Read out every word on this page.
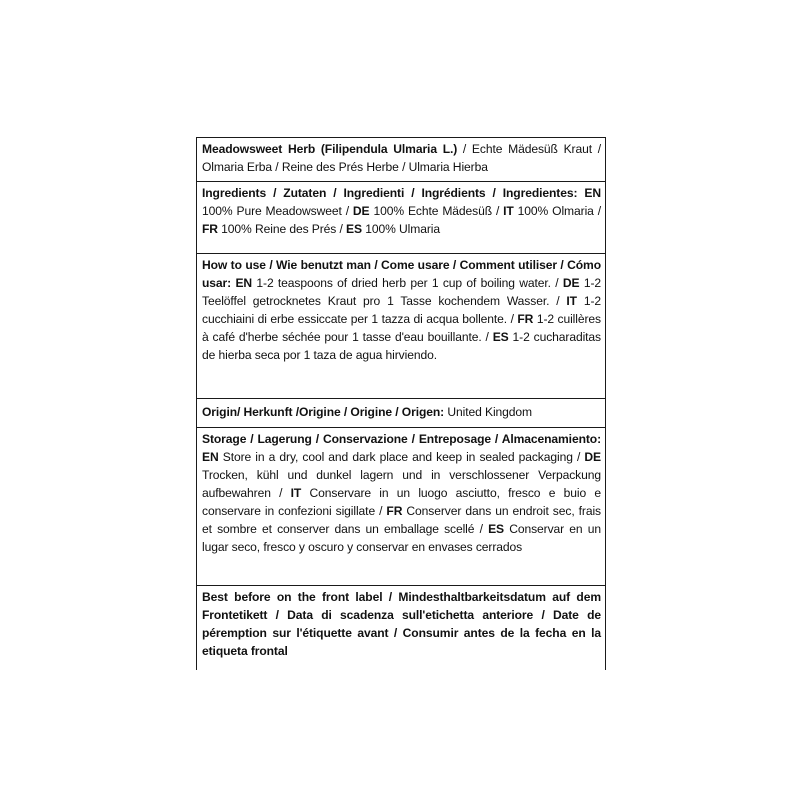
Meadowsweet Herb (Filipendula Ulmaria L.) / Echte Mädesüß Kraut / Olmaria Erba / Reine des Prés Herbe / Ulmaria Hierba
Ingredients / Zutaten / Ingredienti / Ingrédients / Ingredientes: EN 100% Pure Meadowsweet / DE 100% Echte Mädesüß / IT 100% Olmaria / FR 100% Reine des Prés / ES 100% Ulmaria
How to use / Wie benutzt man / Come usare / Comment utiliser / Cómo usar: EN 1-2 teaspoons of dried herb per 1 cup of boiling water. / DE 1-2 Teelöffel getrocknetes Kraut pro 1 Tasse kochendem Wasser. / IT 1-2 cucchiaini di erbe essiccate per 1 tazza di acqua bollente. / FR 1-2 cuillères à café d'herbe séchée pour 1 tasse d'eau bouillante. / ES 1-2 cucharaditas de hierba seca por 1 taza de agua hirviendo.
Origin/ Herkunft /Origine / Origine / Origen: United Kingdom
Storage / Lagerung / Conservazione / Entreposage / Almacenamiento: EN Store in a dry, cool and dark place and keep in sealed packaging / DE Trocken, kühl und dunkel lagern und in verschlossener Verpackung aufbewahren / IT Conservare in un luogo asciutto, fresco e buio e conservare in confezioni sigillate / FR Conserver dans un endroit sec, frais et sombre et conserver dans un emballage scellé / ES Conservar en un lugar seco, fresco y oscuro y conservar en envases cerrados
Best before on the front label / Mindesthaltbarkeitsdatum auf dem Frontetikett / Data di scadenza sull'etichetta anteriore / Date de péremption sur l'étiquette avant / Consumir antes de la fecha en la etiqueta frontal
